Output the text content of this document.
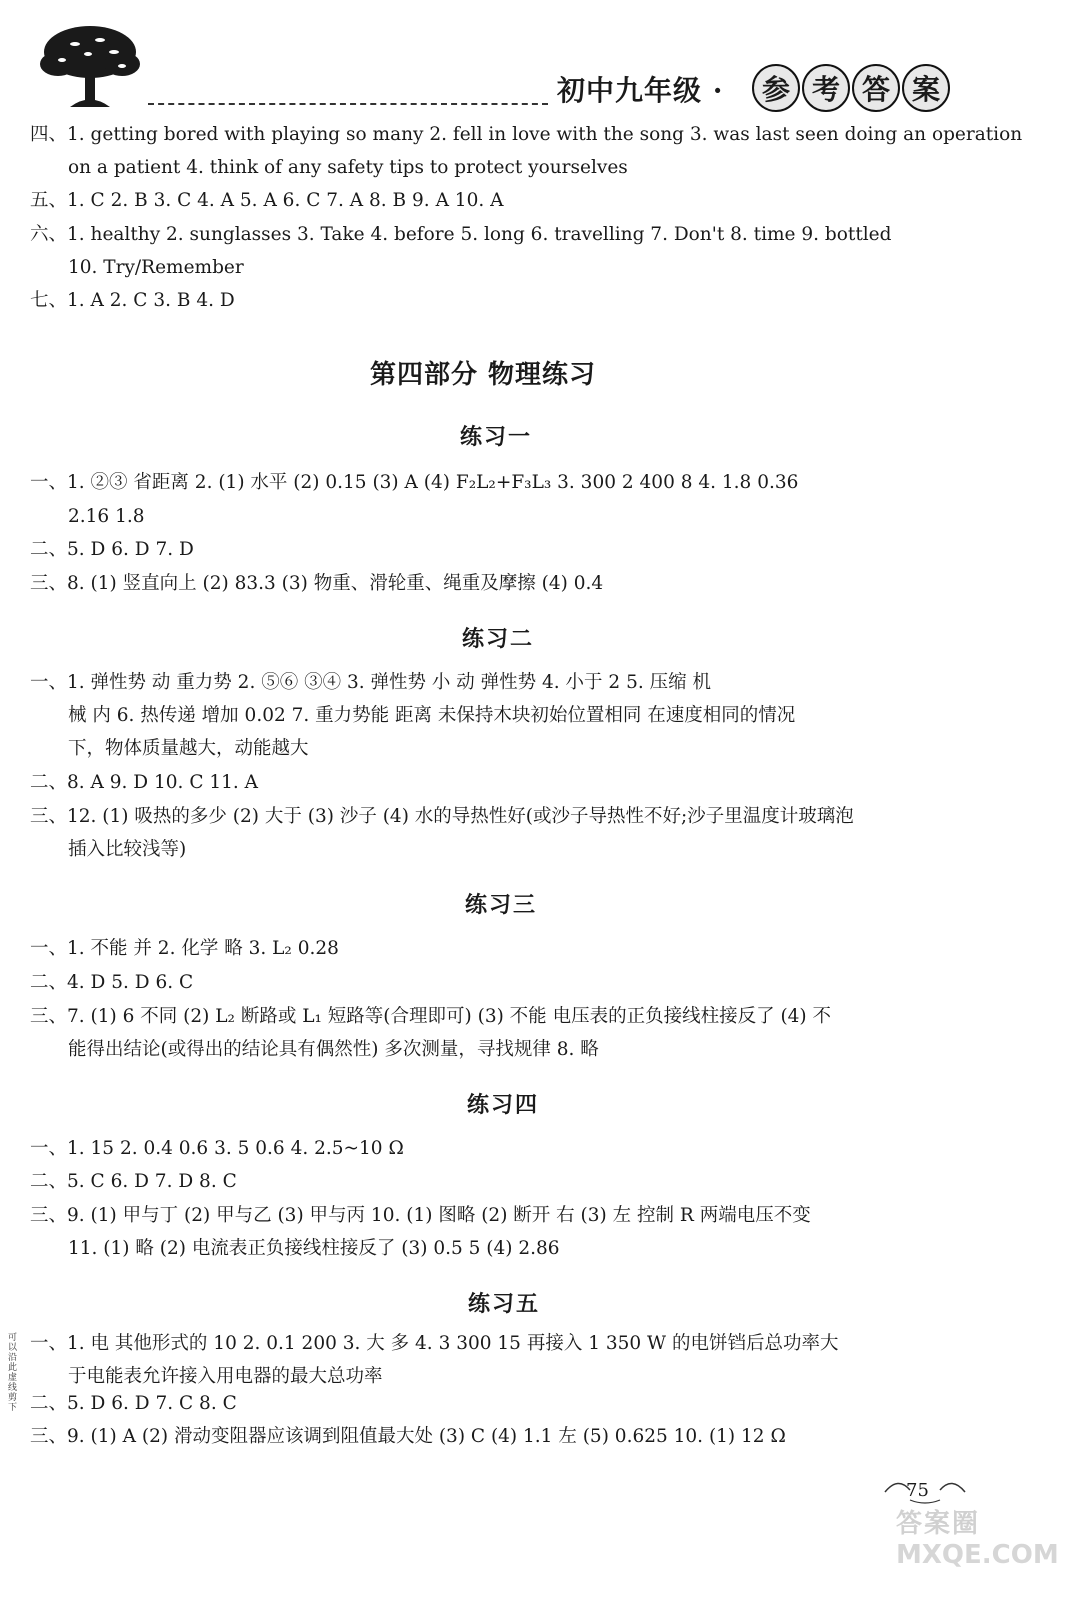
初中九年级 ·	参 考 答 案
四、1. getting bored with playing so many 2. fell in love with the song 3. was last seen doing an operation
on a patient 4. think of any safety tips to protect yourselves
五、1. C 2. B 3. C 4. A 5. A 6. C 7. A 8. B 9. A 10. A
六、1. healthy 2. sunglasses 3. Take 4. before 5. long 6. travelling 7. Don't 8. time 9. bottled
10. Try/Remember
七、1. A 2. C 3. B 4. D
第四部分 物理练习
练习一
一、1. ②③ 省距离 2. (1) 水平 (2) 0.15 (3) A (4) F₂L₂+F₃L₃ 3. 300 2 400 8 4. 1.8 0.36
2.16 1.8
二、5. D 6. D 7. D
三、8. (1) 竖直向上 (2) 83.3 (3) 物重、滑轮重、绳重及摩擦 (4) 0.4
练习二
一、1. 弹性势 动 重力势 2. ⑤⑥ ③④ 3. 弹性势 小 动 弹性势 4. 小于 2 5. 压缩 机
械 内 6. 热传递 增加 0.02 7. 重力势能 距离 未保持木块初始位置相同 在速度相同的情况
下，物体质量越大，动能越大
二、8. A 9. D 10. C 11. A
三、12. (1) 吸热的多少 (2) 大于 (3) 沙子 (4) 水的导热性好(或沙子导热性不好;沙子里温度计玻璃泡
插入比较浅等)
练习三
一、1. 不能 并 2. 化学 略 3. L₂ 0.28
二、4. D 5. D 6. C
三、7. (1) 6 不同 (2) L₂ 断路或 L₁ 短路等(合理即可) (3) 不能 电压表的正负接线柱接反了 (4) 不
能得出结论(或得出的结论具有偶然性) 多次测量，寻找规律 8. 略
练习四
一、1. 15 2. 0.4 0.6 3. 5 0.6 4. 2.5~10 Ω
二、5. C 6. D 7. D 8. C
三、9. (1) 甲与丁 (2) 甲与乙 (3) 甲与丙 10. (1) 图略 (2) 断开 右 (3) 左 控制 R 两端电压不变
11. (1) 略 (2) 电流表正负接线柱接反了 (3) 0.5 5 (4) 2.86
练习五
一、1. 电 其他形式的 10 2. 0.1 200 3. 大 多 4. 3 300 15 再接入 1 350 W 的电饼铛后总功率大
于电能表允许接入用电器的最大总功率
二、5. D 6. D 7. C 8. C
三、9. (1) A (2) 滑动变阻器应该调到阻值最大处 (3) C (4) 1.1 左 (5) 0.625 10. (1) 12 Ω
可以沿此虚线剪下
75
答案圈
MXQE.COM
